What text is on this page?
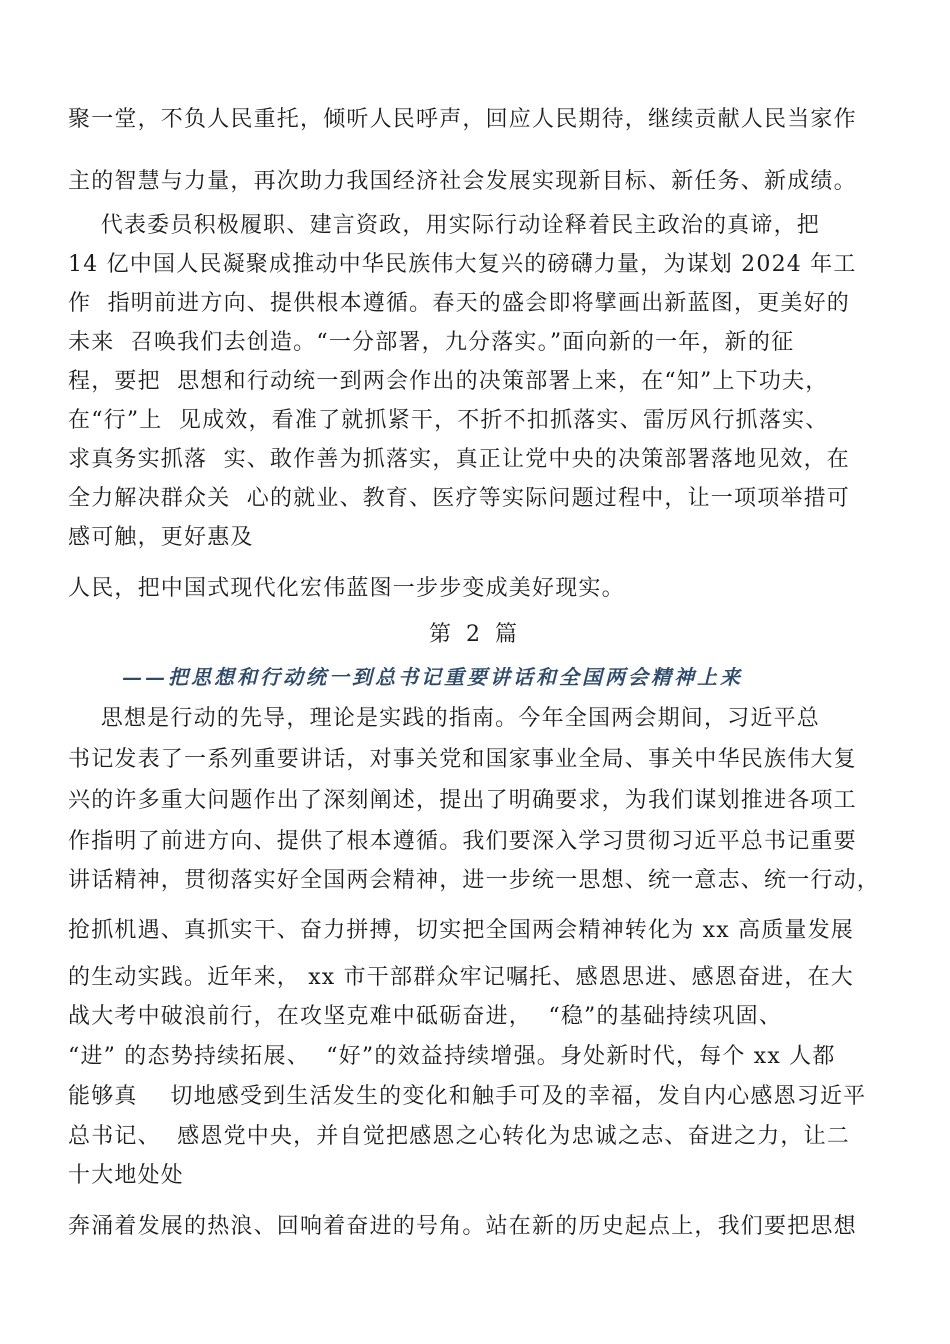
聚一堂，不负人民重托，倾听人民呼声，回应人民期待，继续贡献人民当家作
主的智慧与力量，再次助力我国经济社会发展实现新目标、新任务、新成绩。
代表委员积极履职、建言资政，用实际行动诠释着民主政治的真谛，把
14 亿中国人民凝聚成推动中华民族伟大复兴的磅礴力量，为谋划 2024 年工
作  指明前进方向、提供根本遵循。春天的盛会即将擘画出新蓝图，更美好的
未来  召唤我们去创造。“一分部署，九分落实。”面向新的一年，新的征
程，要把  思想和行动统一到两会作出的决策部署上来，在“知”上下功夫，
在“行”上  见成效，看准了就抓紧干，不折不扣抓落实、雷厉风行抓落实、
求真务实抓落  实、敢作善为抓落实，真正让党中央的决策部署落地见效，在
全力解决群众关  心的就业、教育、医疗等实际问题过程中，让一项项举措可
感可触，更好惠及
人民，把中国式现代化宏伟蓝图一步步变成美好现实。
第 2 篇
——把思想和行动统一到总书记重要讲话和全国两会精神上来
思想是行动的先导，理论是实践的指南。今年全国两会期间，习近平总
书记发表了一系列重要讲话，对事关党和国家事业全局、事关中华民族伟大复
兴的许多重大问题作出了深刻阐述，提出了明确要求，为我们谋划推进各项工
作指明了前进方向、提供了根本遵循。我们要深入学习贯彻习近平总书记重要
讲话精神，贯彻落实好全国两会精神，进一步统一思想、统一意志、统一行动，
抢抓机遇、真抓实干、奋力拼搏，切实把全国两会精神转化为 xx 高质量发展
的生动实践。近年来， xx 市干部群众牢记嘱托、感恩思进、感恩奋进，在大
战大考中破浪前行，在攻坚克难中砥砺奋进，  “稳”的基础持续巩固、
“进” 的态势持续拓展、  “好”的效益持续增强。身处新时代，每个 xx 人都
能够真    切地感受到生活发生的变化和触手可及的幸福，发自内心感恩习近平
总书记、  感恩党中央，并自觉把感恩之心转化为忠诚之志、奋进之力，让二
十大地处处
奔涌着发展的热浪、回响着奋进的号角。站在新的历史起点上，我们要把思想
